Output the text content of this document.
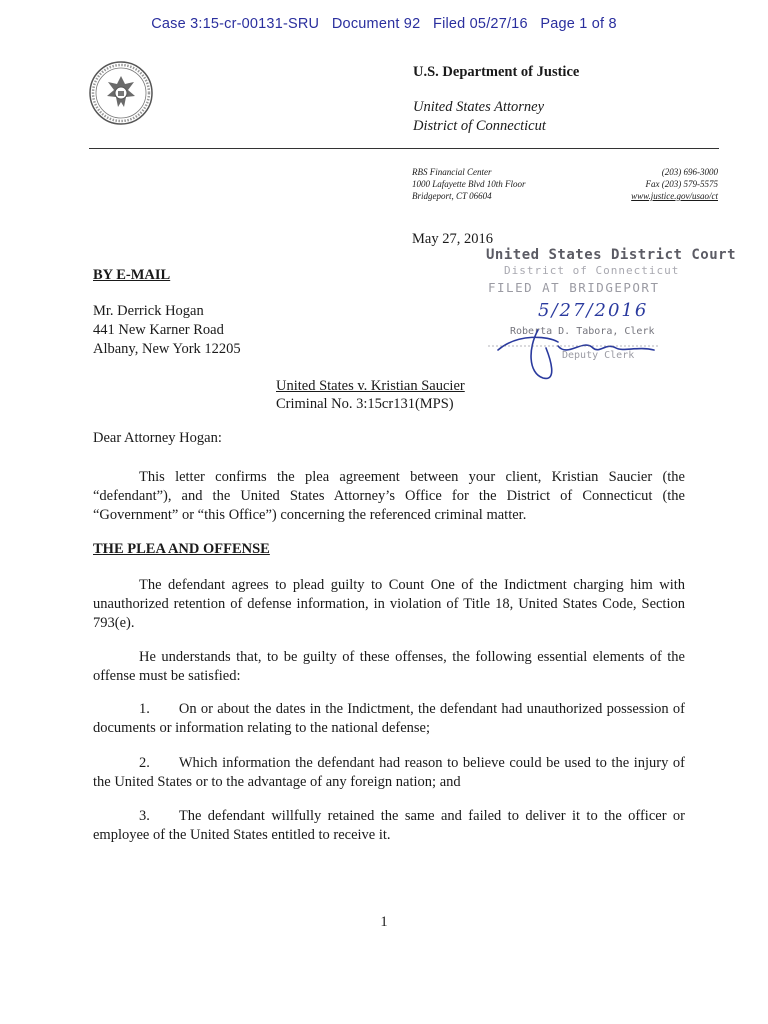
Case 3:15-cr-00131-SRU   Document 92   Filed 05/27/16   Page 1 of 8
U.S. Department of Justice
United States Attorney
District of Connecticut
RBS Financial Center
1000 Lafayette Blvd 10th Floor
Bridgeport, CT 06604
(203) 696-3000
Fax (203) 579-5575
www.justice.gov/usao/ct
May 27, 2016
United States District Court
District of Connecticut
FILED AT BRIDGEPORT
5/27/2016
Roberta D. Tabora, Clerk
Deputy Clerk
BY E-MAIL
Mr. Derrick Hogan
441 New Karner Road
Albany, New York 12205
United States v. Kristian Saucier
Criminal No. 3:15cr131(MPS)
Dear Attorney Hogan:

This letter confirms the plea agreement between your client, Kristian Saucier (the “defendant”), and the United States Attorney’s Office for the District of Connecticut (the “Government” or “this Office”) concerning the referenced criminal matter.

THE PLEA AND OFFENSE

The defendant agrees to plead guilty to Count One of the Indictment charging him with unauthorized retention of defense information, in violation of Title 18, United States Code, Section 793(e).

He understands that, to be guilty of these offenses, the following essential elements of the offense must be satisfied:

1.  On or about the dates in the Indictment, the defendant had unauthorized possession of documents or information relating to the national defense;

2.  Which information the defendant had reason to believe could be used to the injury of the United States or to the advantage of any foreign nation; and

3.  The defendant willfully retained the same and failed to deliver it to the officer or employee of the United States entitled to receive it.

1
